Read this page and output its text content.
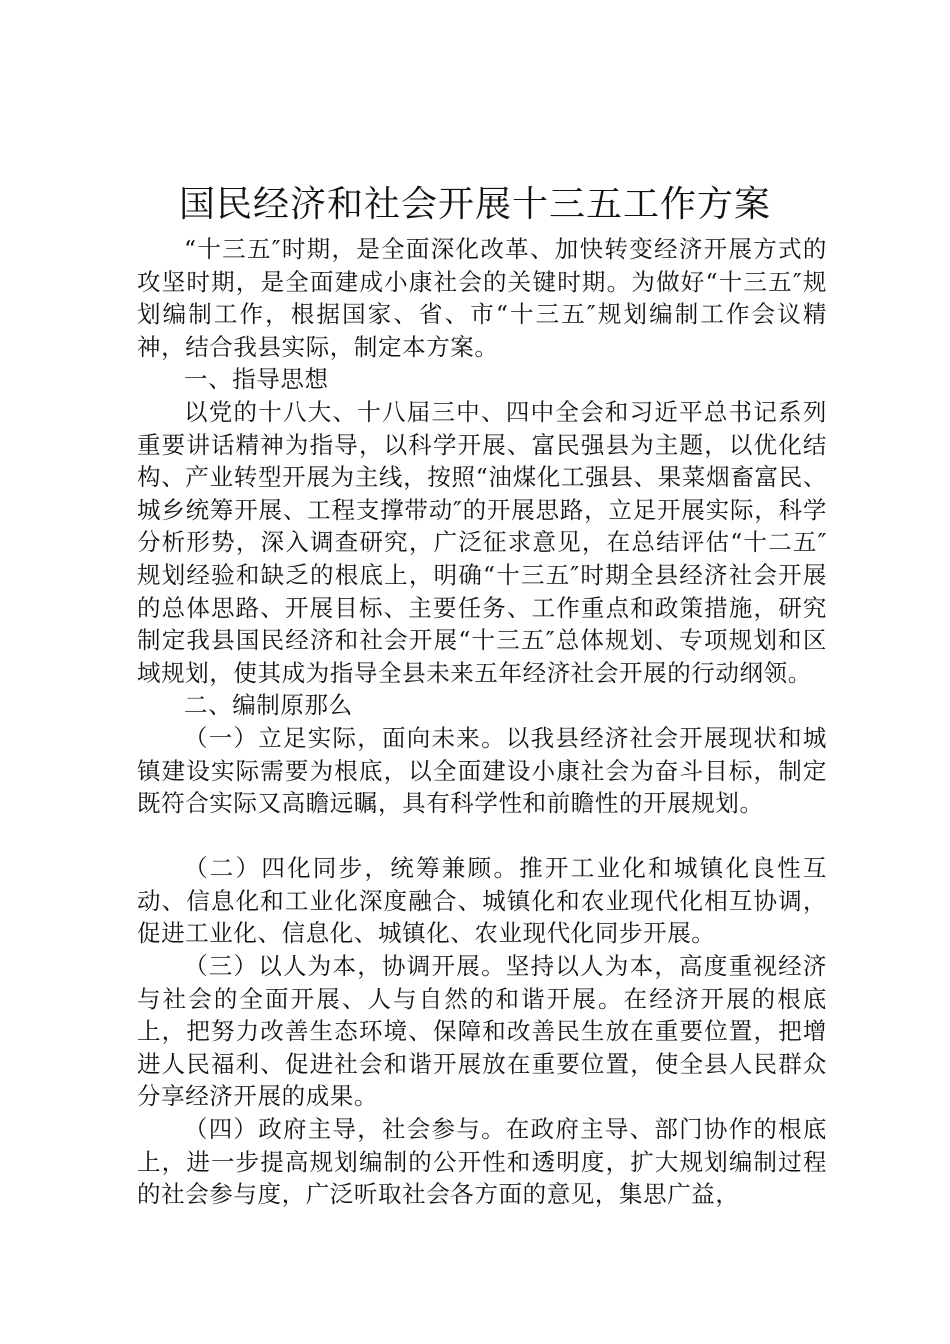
国民经济和社会开展十三五工作方案

“十三五″时期，是全面深化改革、加快转变经济开展方式的攻坚时期，是全面建成小康社会的关键时期。为做好“十三五″规划编制工作，根据国家、省、市“十三五″规划编制工作会议精神，结合我县实际，制定本方案。

一、指导思想

以党的十八大、十八届三中、四中全会和习近平总书记系列重要讲话精神为指导，以科学开展、富民强县为主题，以优化结构、产业转型开展为主线，按照“油煤化工强县、果菜烟畜富民、城乡统筹开展、工程支撑带动″的开展思路，立足开展实际，科学分析形势，深入调查研究，广泛征求意见，在总结评估“十二五″规划经验和缺乏的根底上，明确“十三五″时期全县经济社会开展的总体思路、开展目标、主要任务、工作重点和政策措施，研究制定我县国民经济和社会开展“十三五″总体规划、专项规划和区域规划，使其成为指导全县未来五年经济社会开展的行动纲领。

二、编制原那么

（一）立足实际，面向未来。以我县经济社会开展现状和城镇建设实际需要为根底，以全面建设小康社会为奋斗目标，制定既符合实际又高瞻远瞩，具有科学性和前瞻性的开展规划。

（二）四化同步，统筹兼顾。推开工业化和城镇化良性互动、信息化和工业化深度融合、城镇化和农业现代化相互协调，促进工业化、信息化、城镇化、农业现代化同步开展。

（三）以人为本，协调开展。坚持以人为本，高度重视经济与社会的全面开展、人与自然的和谐开展。在经济开展的根底上，把努力改善生态环境、保障和改善民生放在重要位置，把增进人民福利、促进社会和谐开展放在重要位置，使全县人民群众分享经济开展的成果。

（四）政府主导，社会参与。在政府主导、部门协作的根底上，进一步提高规划编制的公开性和透明度，扩大规划编制过程的社会参与度，广泛听取社会各方面的意见，集思广益，
